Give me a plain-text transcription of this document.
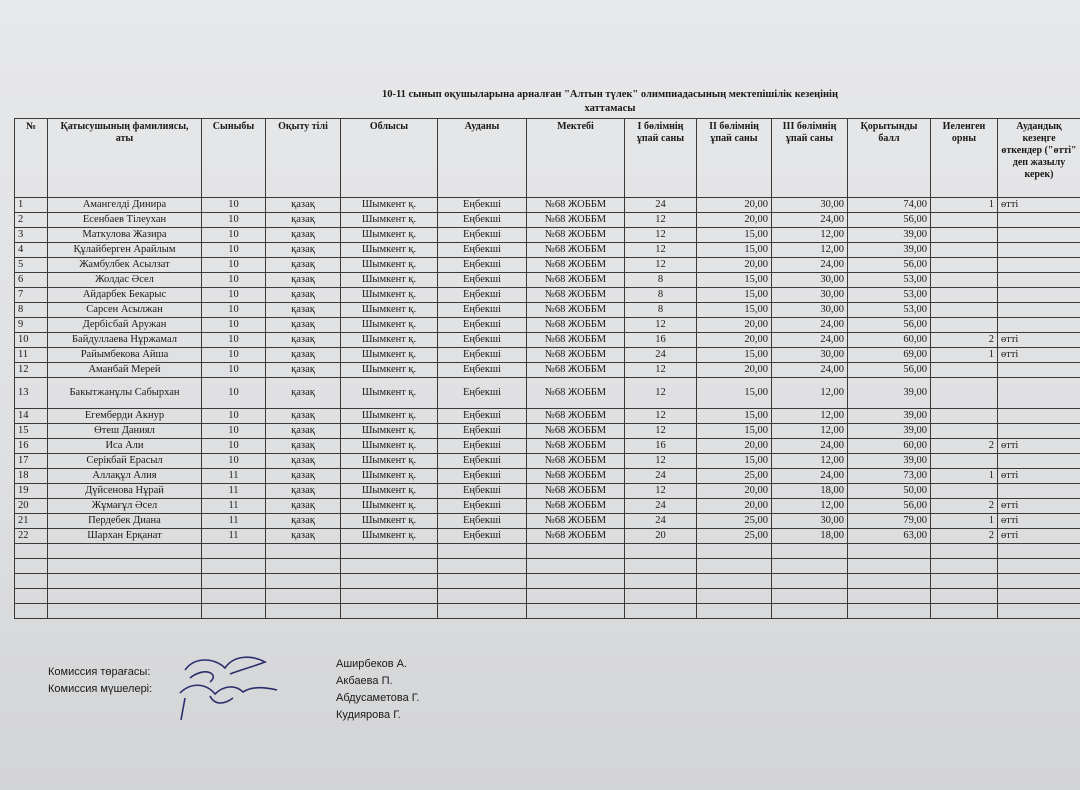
10-11 сынып оқушыларына арналған "Алтын түлек" олимпиадасының мектепішілік кезеңінің
хаттамасы
№	Қатысушының фамилиясы, аты	Сыныбы	Оқыту тілі	Облысы	Ауданы	Мектебі	I бөлімнің ұпай саны	II бөлімнің ұпай саны	III бөлімнің ұпай саны	Қорытынды балл	Иеленген орны	Аудандық кезеңге өткендер ("өтті" деп жазылу керек)
1	Амангелді Динира	10	қазақ	Шымкент қ.	Еңбекші	№68 ЖОББМ	24	20,00	30,00	74,00	1	өтті
2	Есенбаев Тілеухан	10	қазақ	Шымкент қ.	Еңбекші	№68 ЖОББМ	12	20,00	24,00	56,00		
3	Маткулова Жазира	10	қазақ	Шымкент қ.	Еңбекші	№68 ЖОББМ	12	15,00	12,00	39,00		
4	Құлайберген Арайлым	10	қазақ	Шымкент қ.	Еңбекші	№68 ЖОББМ	12	15,00	12,00	39,00		
5	Жамбулбек Асылзат	10	қазақ	Шымкент қ.	Еңбекші	№68 ЖОББМ	12	20,00	24,00	56,00		
6	Жолдас Әсел	10	қазақ	Шымкент қ.	Еңбекші	№68 ЖОББМ	8	15,00	30,00	53,00		
7	Айдарбек Бекарыс	10	қазақ	Шымкент қ.	Еңбекші	№68 ЖОББМ	8	15,00	30,00	53,00		
8	Сарсен Асылжан	10	қазақ	Шымкент қ.	Еңбекші	№68 ЖОББМ	8	15,00	30,00	53,00		
9	Дербісбай Аружан	10	қазақ	Шымкент қ.	Еңбекші	№68 ЖОББМ	12	20,00	24,00	56,00		
10	Байдуллаева Нұржамал	10	қазақ	Шымкент қ.	Еңбекші	№68 ЖОББМ	16	20,00	24,00	60,00	2	өтті
11	Райымбекова Айша	10	қазақ	Шымкент қ.	Еңбекші	№68 ЖОББМ	24	15,00	30,00	69,00	1	өтті
12	Аманбай Мерей	10	қазақ	Шымкент қ.	Еңбекші	№68 ЖОББМ	12	20,00	24,00	56,00		
13	Бакытжанұлы Сабырхан	10	қазақ	Шымкент қ.	Еңбекші	№68 ЖОББМ	12	15,00	12,00	39,00		
14	Егемберди Акнур	10	қазақ	Шымкент қ.	Еңбекші	№68 ЖОББМ	12	15,00	12,00	39,00		
15	Өтеш Даниял	10	қазақ	Шымкент қ.	Еңбекші	№68 ЖОББМ	12	15,00	12,00	39,00		
16	Иса Али	10	қазақ	Шымкент қ.	Еңбекші	№68 ЖОББМ	16	20,00	24,00	60,00	2	өтті
17	Серікбай Ерасыл	10	қазақ	Шымкент қ.	Еңбекші	№68 ЖОББМ	12	15,00	12,00	39,00		
18	Аллақұл Алия	11	қазақ	Шымкент қ.	Еңбекші	№68 ЖОББМ	24	25,00	24,00	73,00	1	өтті
19	Дүйсенова Нұрай	11	қазақ	Шымкент қ.	Еңбекші	№68 ЖОББМ	12	20,00	18,00	50,00		
20	Жұмағұл Әсел	11	қазақ	Шымкент қ.	Еңбекші	№68 ЖОББМ	24	20,00	12,00	56,00	2	өтті
21	Пердебек Диана	11	қазақ	Шымкент қ.	Еңбекші	№68 ЖОББМ	24	25,00	30,00	79,00	1	өтті
22	Шархан Ерқанат	11	қазақ	Шымкент қ.	Еңбекші	№68 ЖОББМ	20	25,00	18,00	63,00	2	өтті

Комиссия төрағасы:
Комиссия мүшелері:
Аширбеков А.
Акбаева П.
Абдусаметова Г.
Кудиярова Г.
